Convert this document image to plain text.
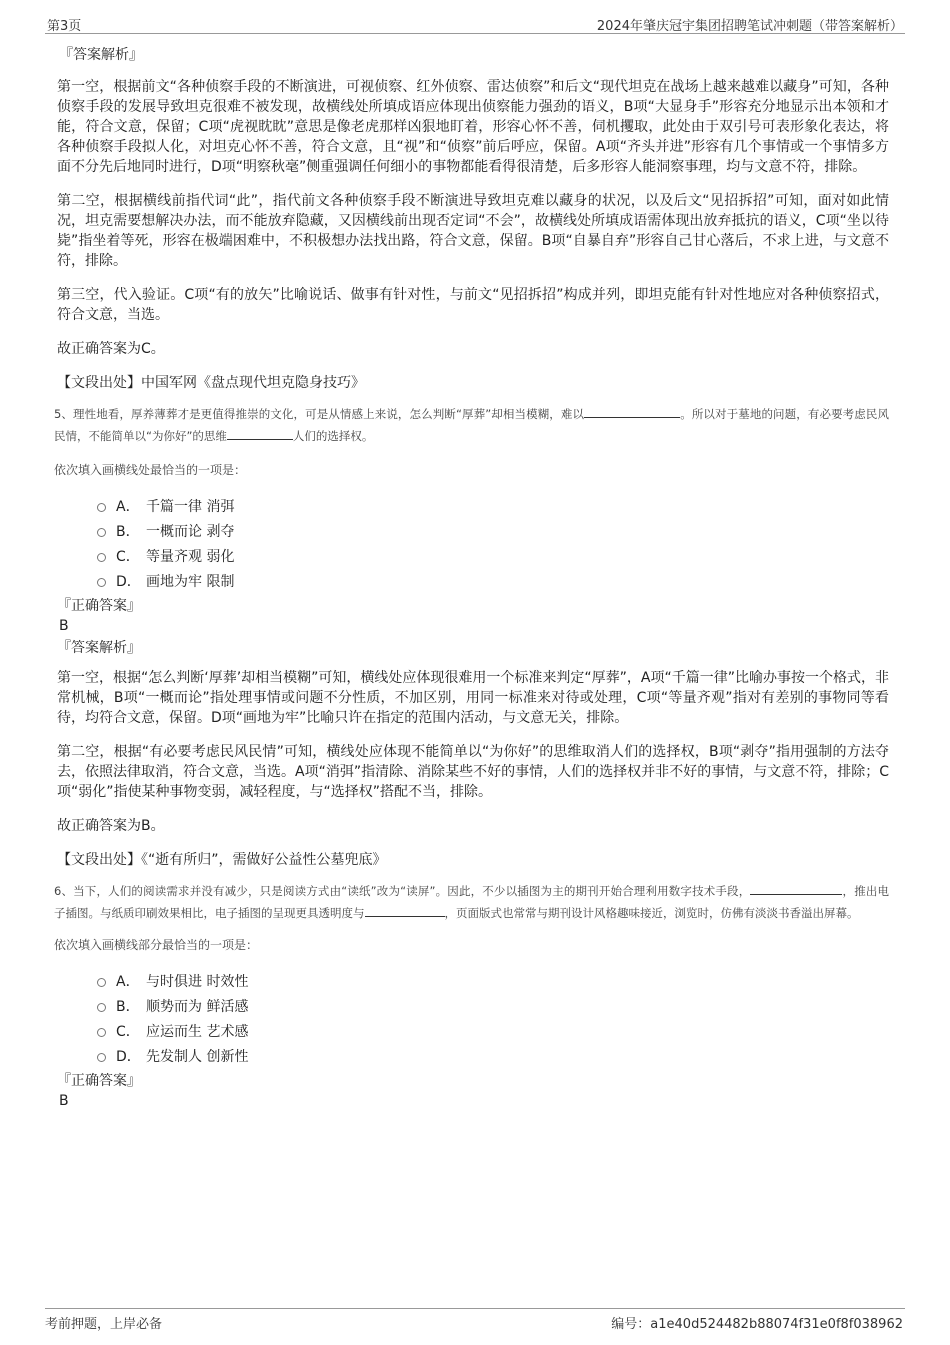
第3页	2024年肇庆冠宇集团招聘笔试冲刺题（带答案解析）
『答案解析』

第一空，根据前文“各种侦察手段的不断演进，可视侦察、红外侦察、雷达侦察”和后文“现代坦克在战场上越来越难以藏身”可知，各种侦察手段的发展导致坦克很难不被发现，故横线处所填成语应体现出侦察能力强劲的语义，B项“大显身手”形容充分地显示出本领和才能，符合文意，保留；C项“虎视眈眈”意思是像老虎那样凶狠地盯着，形容心怀不善，伺机攫取，此处由于双引号可表形象化表达，将各种侦察手段拟人化，对坦克心怀不善，符合文意，且“视”和“侦察”前后呼应，保留。A项“齐头并进”形容有几个事情或一个事情多方面不分先后地同时进行，D项“明察秋毫”侧重强调任何细小的事物都能看得很清楚，后多形容人能洞察事理，均与文意不符，排除。

第二空，根据横线前指代词“此”，指代前文各种侦察手段不断演进导致坦克难以藏身的状况，以及后文“见招拆招”可知，面对如此情况，坦克需要想解决办法，而不能放弃隐藏，又因横线前出现否定词“不会”，故横线处所填成语需体现出放弃抵抗的语义，C项“坐以待毙”指坐着等死，形容在极端困难中，不积极想办法找出路，符合文意，保留。B项“自暴自弃”形容自己甘心落后，不求上进，与文意不符，排除。

第三空，代入验证。C项“有的放矢”比喻说话、做事有针对性，与前文“见招拆招”构成并列，即坦克能有针对性地应对各种侦察招式，符合文意，当选。

故正确答案为C。

【文段出处】中国军网《盘点现代坦克隐身技巧》
5、理性地看，厚养薄葬才是更值得推崇的文化，可是从情感上来说，怎么判断“厚葬”却相当模糊，难以	。所以对于墓地的问题，有必要考虑民风民情，不能简单以“为你好”的思维	人们的选择权。
依次填入画横线处最恰当的一项是：
A． 千篇一律 消弭
B． 一概而论 剥夺
C． 等量齐观 弱化
D． 画地为牢 限制
『正确答案』
B
『答案解析』

第一空，根据“怎么判断‘厚葬’却相当模糊”可知，横线处应体现很难用一个标准来判定“厚葬”，A项“千篇一律”比喻办事按一个格式，非常机械，B项“一概而论”指处理事情或问题不分性质，不加区别，用同一标准来对待或处理，C项“等量齐观”指对有差别的事物同等看待，均符合文意，保留。D项“画地为牢”比喻只许在指定的范围内活动，与文意无关，排除。

第二空，根据“有必要考虑民风民情”可知，横线处应体现不能简单以“为你好”的思维取消人们的选择权，B项“剥夺”指用强制的方法夺去，依照法律取消，符合文意，当选。A项“消弭”指清除、消除某些不好的事情，人们的选择权并非不好的事情，与文意不符，排除；C项“弱化”指使某种事物变弱，减轻程度，与“选择权”搭配不当，排除。

故正确答案为B。

【文段出处】《“逝有所归”，需做好公益性公墓兜底》
6、当下，人们的阅读需求并没有减少，只是阅读方式由“读纸”改为“读屏”。因此，不少以插图为主的期刊开始合理利用数字技术手段，	，推出电子插图。与纸质印刷效果相比，电子插图的呈现更具透明度与	，页面版式也常常与期刊设计风格趣味接近，浏览时，仿佛有淡淡书香溢出屏幕。
依次填入画横线部分最恰当的一项是：
A． 与时俱进 时效性
B． 顺势而为 鲜活感
C． 应运而生 艺术感
D． 先发制人 创新性
『正确答案』
B
考前押题，上岸必备	编号：a1e40d524482b88074f31e0f8f038962
